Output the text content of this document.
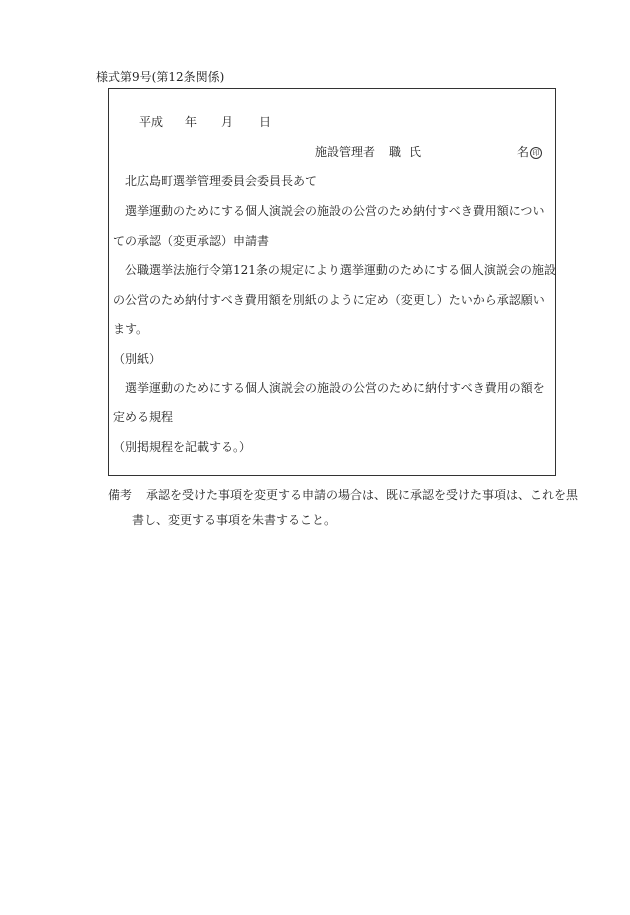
様式第9号(第12条関係)
平成 年 月 日
施設管理者 職 氏	名 印
北広島町選挙管理委員会委員長あて
選挙運動のためにする個人演説会の施設の公営のため納付すべき費用額につい
ての承認（変更承認）申請書
公職選挙法施行令第121条の規定により選挙運動のためにする個人演説会の施設
の公営のため納付すべき費用額を別紙のように定め（変更し）たいから承認願い
ます。
（別紙）
選挙運動のためにする個人演説会の施設の公営のために納付すべき費用の額を
定める規程
（別掲規程を記載する。）
備考 承認を受けた事項を変更する申請の場合は、既に承認を受けた事項は、これを黒
書し、変更する事項を朱書すること。
